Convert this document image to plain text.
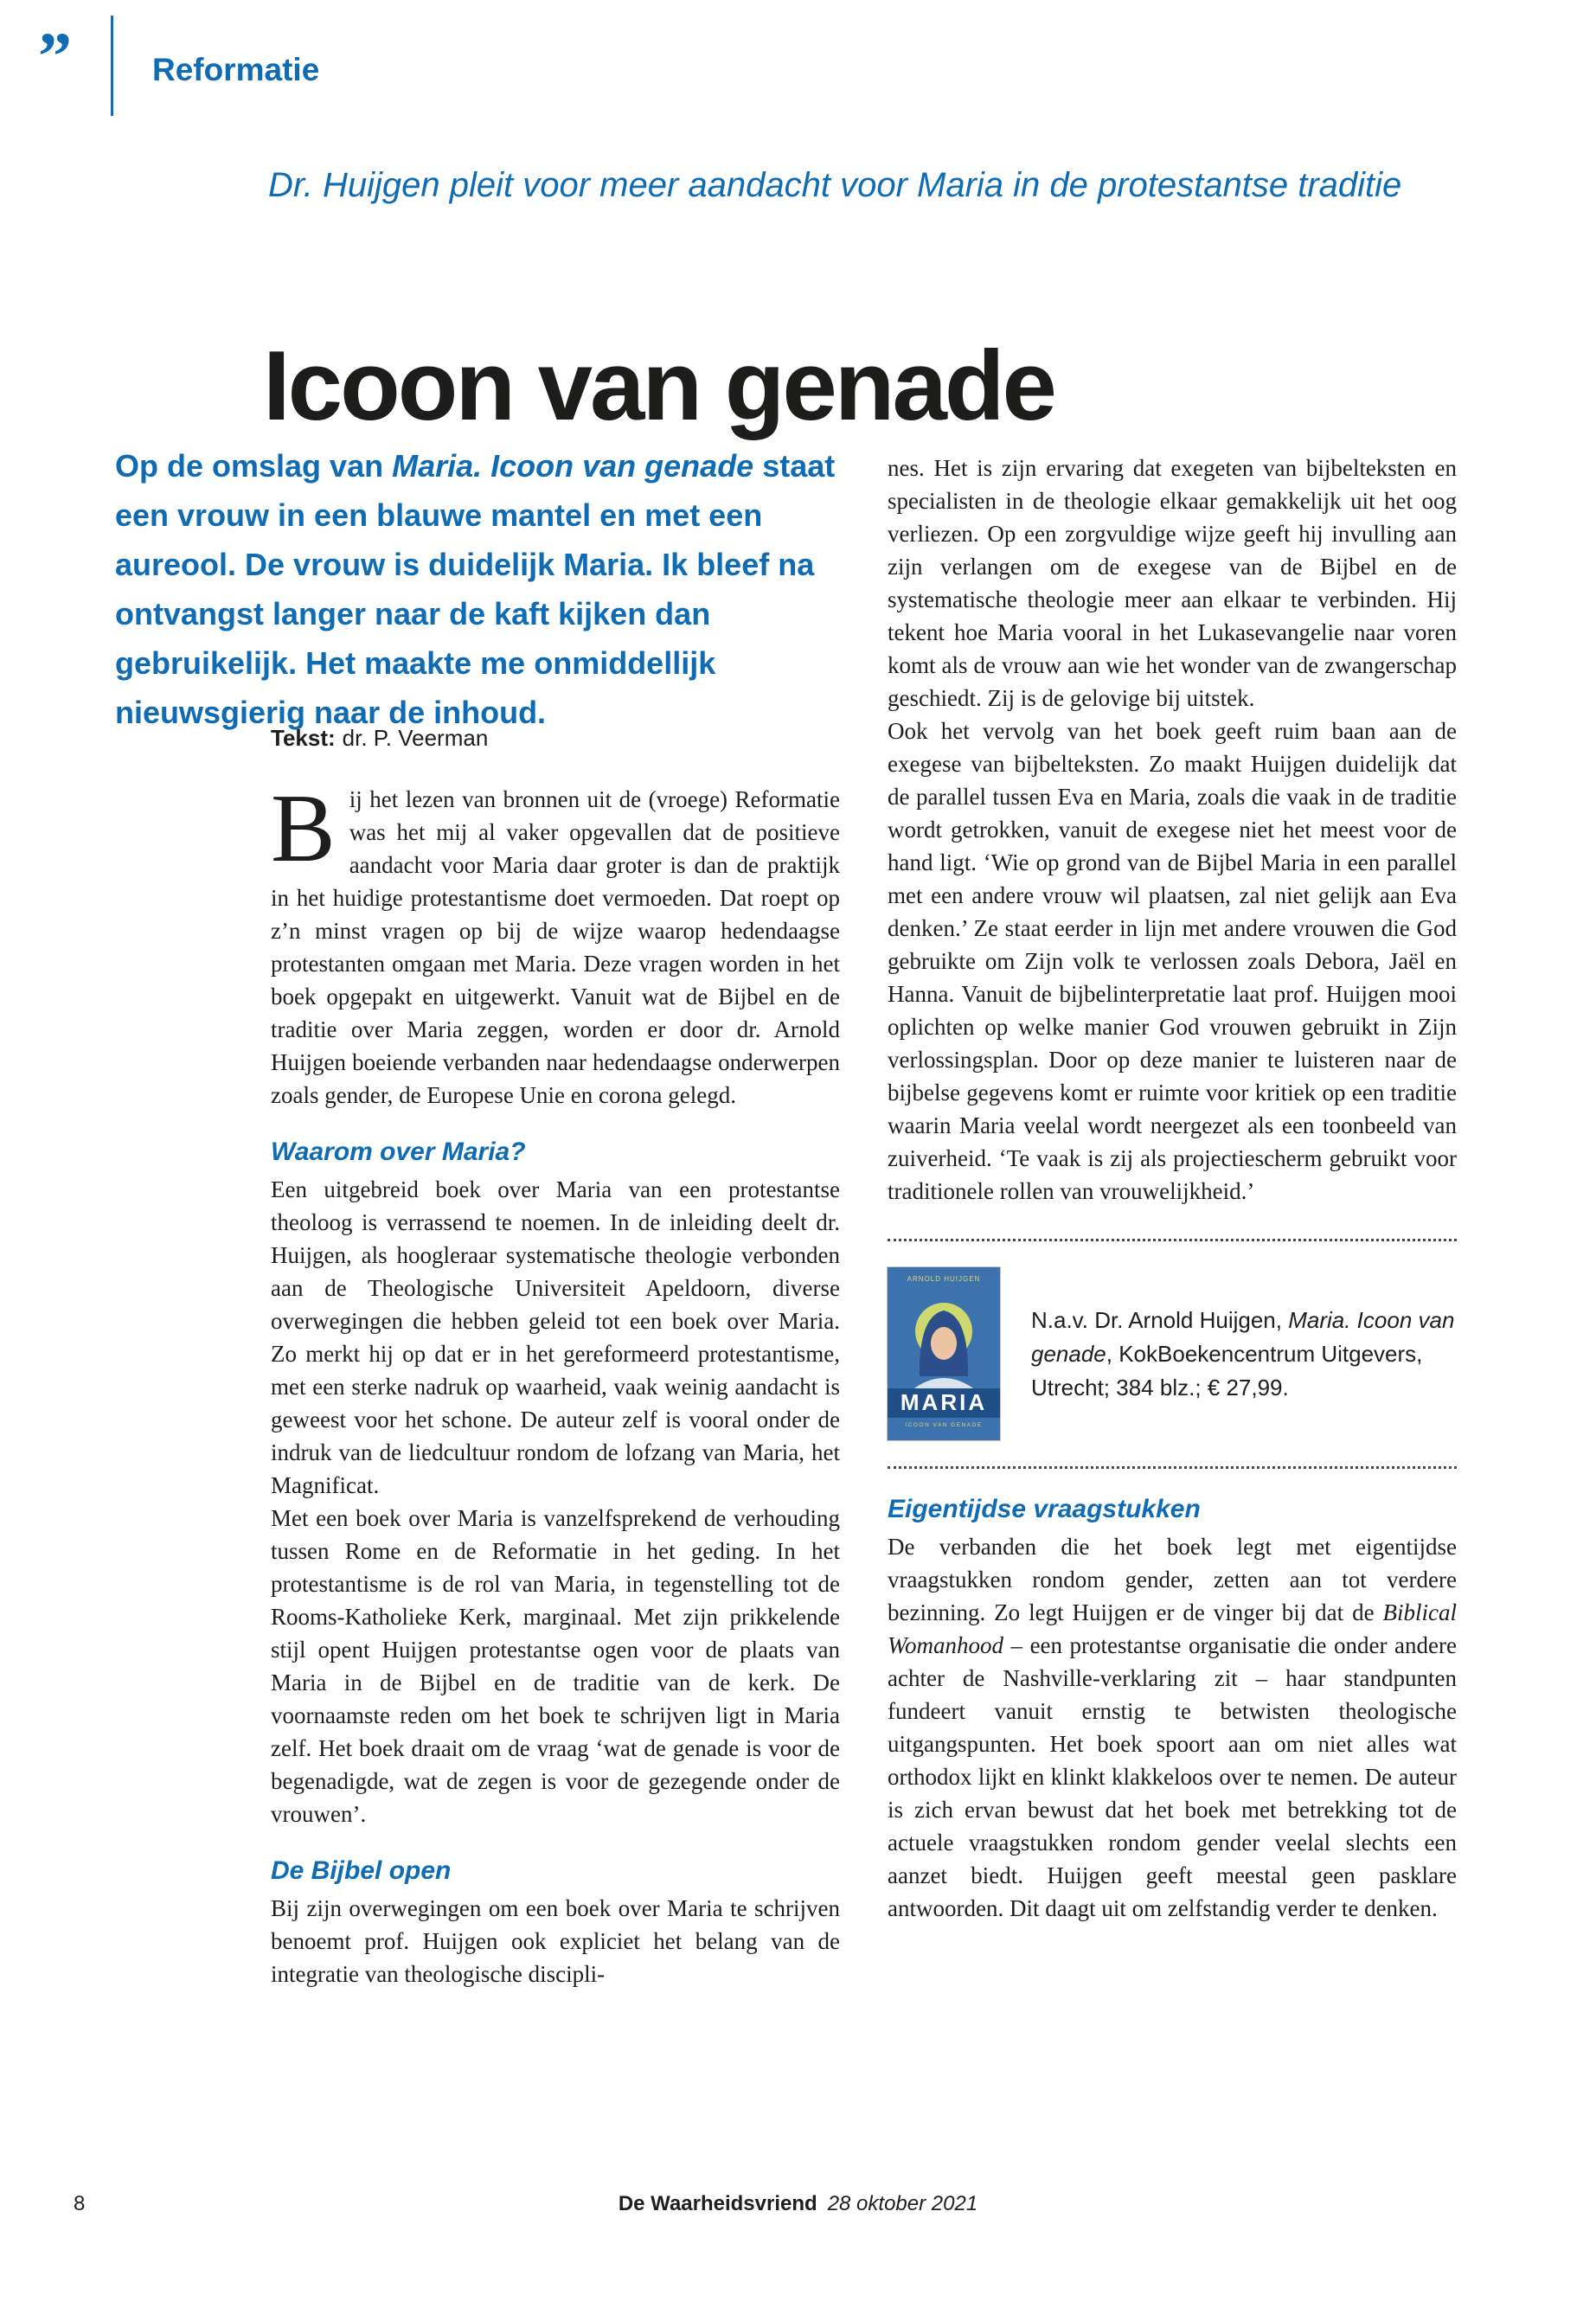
”	Reformatie
Dr. Huijgen pleit voor meer aandacht voor Maria in de protestantse traditie
Icoon van genade

Op de omslag van Maria. Icoon van genade staat een vrouw in een blauwe mantel en met een aureool. De vrouw is duidelijk Maria. Ik bleef na ontvangst langer naar de kaft kijken dan gebruikelijk. Het maakte me onmiddellijk nieuwsgierig naar de inhoud.

Tekst: dr. P. Veerman

Bij het lezen van bronnen uit de (vroege) Reformatie was het mij al vaker opgevallen dat de positieve aandacht voor Maria daar groter is dan de praktijk in het huidige protestantisme doet vermoeden. Dat roept op z’n minst vragen op bij de wijze waarop hedendaagse protestanten omgaan met Maria. Deze vragen worden in het boek opgepakt en uitgewerkt. Vanuit wat de Bijbel en de traditie over Maria zeggen, worden er door dr. Arnold Huijgen boeiende verbanden naar hedendaagse onderwerpen zoals gender, de Europese Unie en corona gelegd.

Waarom over Maria?

Een uitgebreid boek over Maria van een protestantse theoloog is verrassend te noemen. In de inleiding deelt dr. Huijgen, als hoogleraar systematische theologie verbonden aan de Theologische Universiteit Apeldoorn, diverse overwegingen die hebben geleid tot een boek over Maria. Zo merkt hij op dat er in het gereformeerd protestantisme, met een sterke nadruk op waarheid, vaak weinig aandacht is geweest voor het schone. De auteur zelf is vooral onder de indruk van de liedcultuur rondom de lofzang van Maria, het Magnificat.

Met een boek over Maria is vanzelfsprekend de verhouding tussen Rome en de Reformatie in het geding. In het protestantisme is de rol van Maria, in tegenstelling tot de Rooms-Katholieke Kerk, marginaal. Met zijn prikkelende stijl opent Huijgen protestantse ogen voor de plaats van Maria in de Bijbel en de traditie van de kerk. De voornaamste reden om het boek te schrijven ligt in Maria zelf. Het boek draait om de vraag ‘wat de genade is voor de begenadigde, wat de zegen is voor de gezegende onder de vrouwen’.

De Bijbel open

Bij zijn overwegingen om een boek over Maria te schrijven benoemt prof. Huijgen ook expliciet het belang van de integratie van theologische discipli-

nes. Het is zijn ervaring dat exegeten van bijbelteksten en specialisten in de theologie elkaar gemakkelijk uit het oog verliezen. Op een zorgvuldige wijze geeft hij invulling aan zijn verlangen om de exegese van de Bijbel en de systematische theologie meer aan elkaar te verbinden. Hij tekent hoe Maria vooral in het Lukasevangelie naar voren komt als de vrouw aan wie het wonder van de zwangerschap geschiedt. Zij is de gelovige bij uitstek.

Ook het vervolg van het boek geeft ruim baan aan de exegese van bijbelteksten. Zo maakt Huijgen duidelijk dat de parallel tussen Eva en Maria, zoals die vaak in de traditie wordt getrokken, vanuit de exegese niet het meest voor de hand ligt. ‘Wie op grond van de Bijbel Maria in een parallel met een andere vrouw wil plaatsen, zal niet gelijk aan Eva denken.’ Ze staat eerder in lijn met andere vrouwen die God gebruikte om Zijn volk te verlossen zoals Debora, Jaël en Hanna. Vanuit de bijbelinterpretatie laat prof. Huijgen mooi oplichten op welke manier God vrouwen gebruikt in Zijn verlossingsplan. Door op deze manier te luisteren naar de bijbelse gegevens komt er ruimte voor kritiek op een traditie waarin Maria veelal wordt neergezet als een toonbeeld van zuiverheid. ‘Te vaak is zij als projectiescherm gebruikt voor traditionele rollen van vrouwelijkheid.’

ARNOLD HUIJGEN
MARIA
ICOON VAN GENADE

N.a.v. Dr. Arnold Huijgen, Maria. Icoon van genade, KokBoekencentrum Uitgevers, Utrecht; 384 blz.; € 27,99.

Eigentijdse vraagstukken

De verbanden die het boek legt met eigentijdse vraagstukken rondom gender, zetten aan tot verdere bezinning. Zo legt Huijgen er de vinger bij dat de Biblical Womanhood – een protestantse organisatie die onder andere achter de Nashville-verklaring zit – haar standpunten fundeert vanuit ernstig te betwisten theologische uitgangspunten. Het boek spoort aan om niet alles wat orthodox lijkt en klinkt klakkeloos over te nemen. De auteur is zich ervan bewust dat het boek met betrekking tot de actuele vraagstukken rondom gender veelal slechts een aanzet biedt. Huijgen geeft meestal geen pasklare antwoorden. Dit daagt uit om zelfstandig verder te denken.

8	De Waarheidsvriend 28 oktober 2021
